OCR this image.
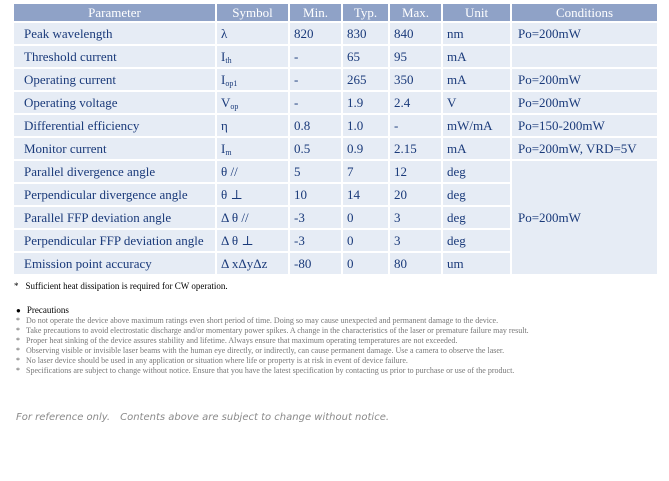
Parameter	Symbol	Min.	Typ.	Max.	Unit	Conditions
Peak wavelength	λ	820	830	840	nm	Po=200mW
Threshold current	$I_{th}$	-	65	95	mA	
Operating current	$I_{op1}$	-	265	350	mA	Po=200mW
Operating voltage	$V_{op}$	-	1.9	2.4	V	Po=200mW
Differential efficiency	η	0.8	1.0	-	mW/mA	Po=150-200mW
Monitor current	$I_m$	0.5	0.9	2.15	mA	Po=200mW, VRD=5V
Parallel divergence angle	θ //	5	7	12	deg	Po=200mW
Perpendicular divergence angle	θ ⊥	10	14	20	deg	
Parallel FFP deviation angle	Δ θ //	-3	0	3	deg	
Perpendicular FFP deviation angle	Δ θ ⊥	-3	0	3	deg	
Emission point accuracy	Δ xΔyΔz	-80	0	80	um	
* Sufficient heat dissipation is required for CW operation.
● Precautions
* Do not operate the device above maximum ratings even short period of time. Doing so may cause unexpected and permanent damage to the device.
* Take precautions to avoid electrostatic discharge and/or momentary power spikes. A change in the characteristics of the laser or premature failure may result.
* Proper heat sinking of the device assures stability and lifetime. Always ensure that maximum operating temperatures are not exceeded.
* Observing visible or invisible laser beams with the human eye directly, or indirectly, can cause permanent damage. Use a camera to observe the laser.
* No laser device should be used in any application or situation where life or property is at risk in event of device failure.
* Specifications are subject to change without notice. Ensure that you have the latest specification by contacting us prior to purchase or use of the product.
For reference only. Contents above are subject to change without notice.
